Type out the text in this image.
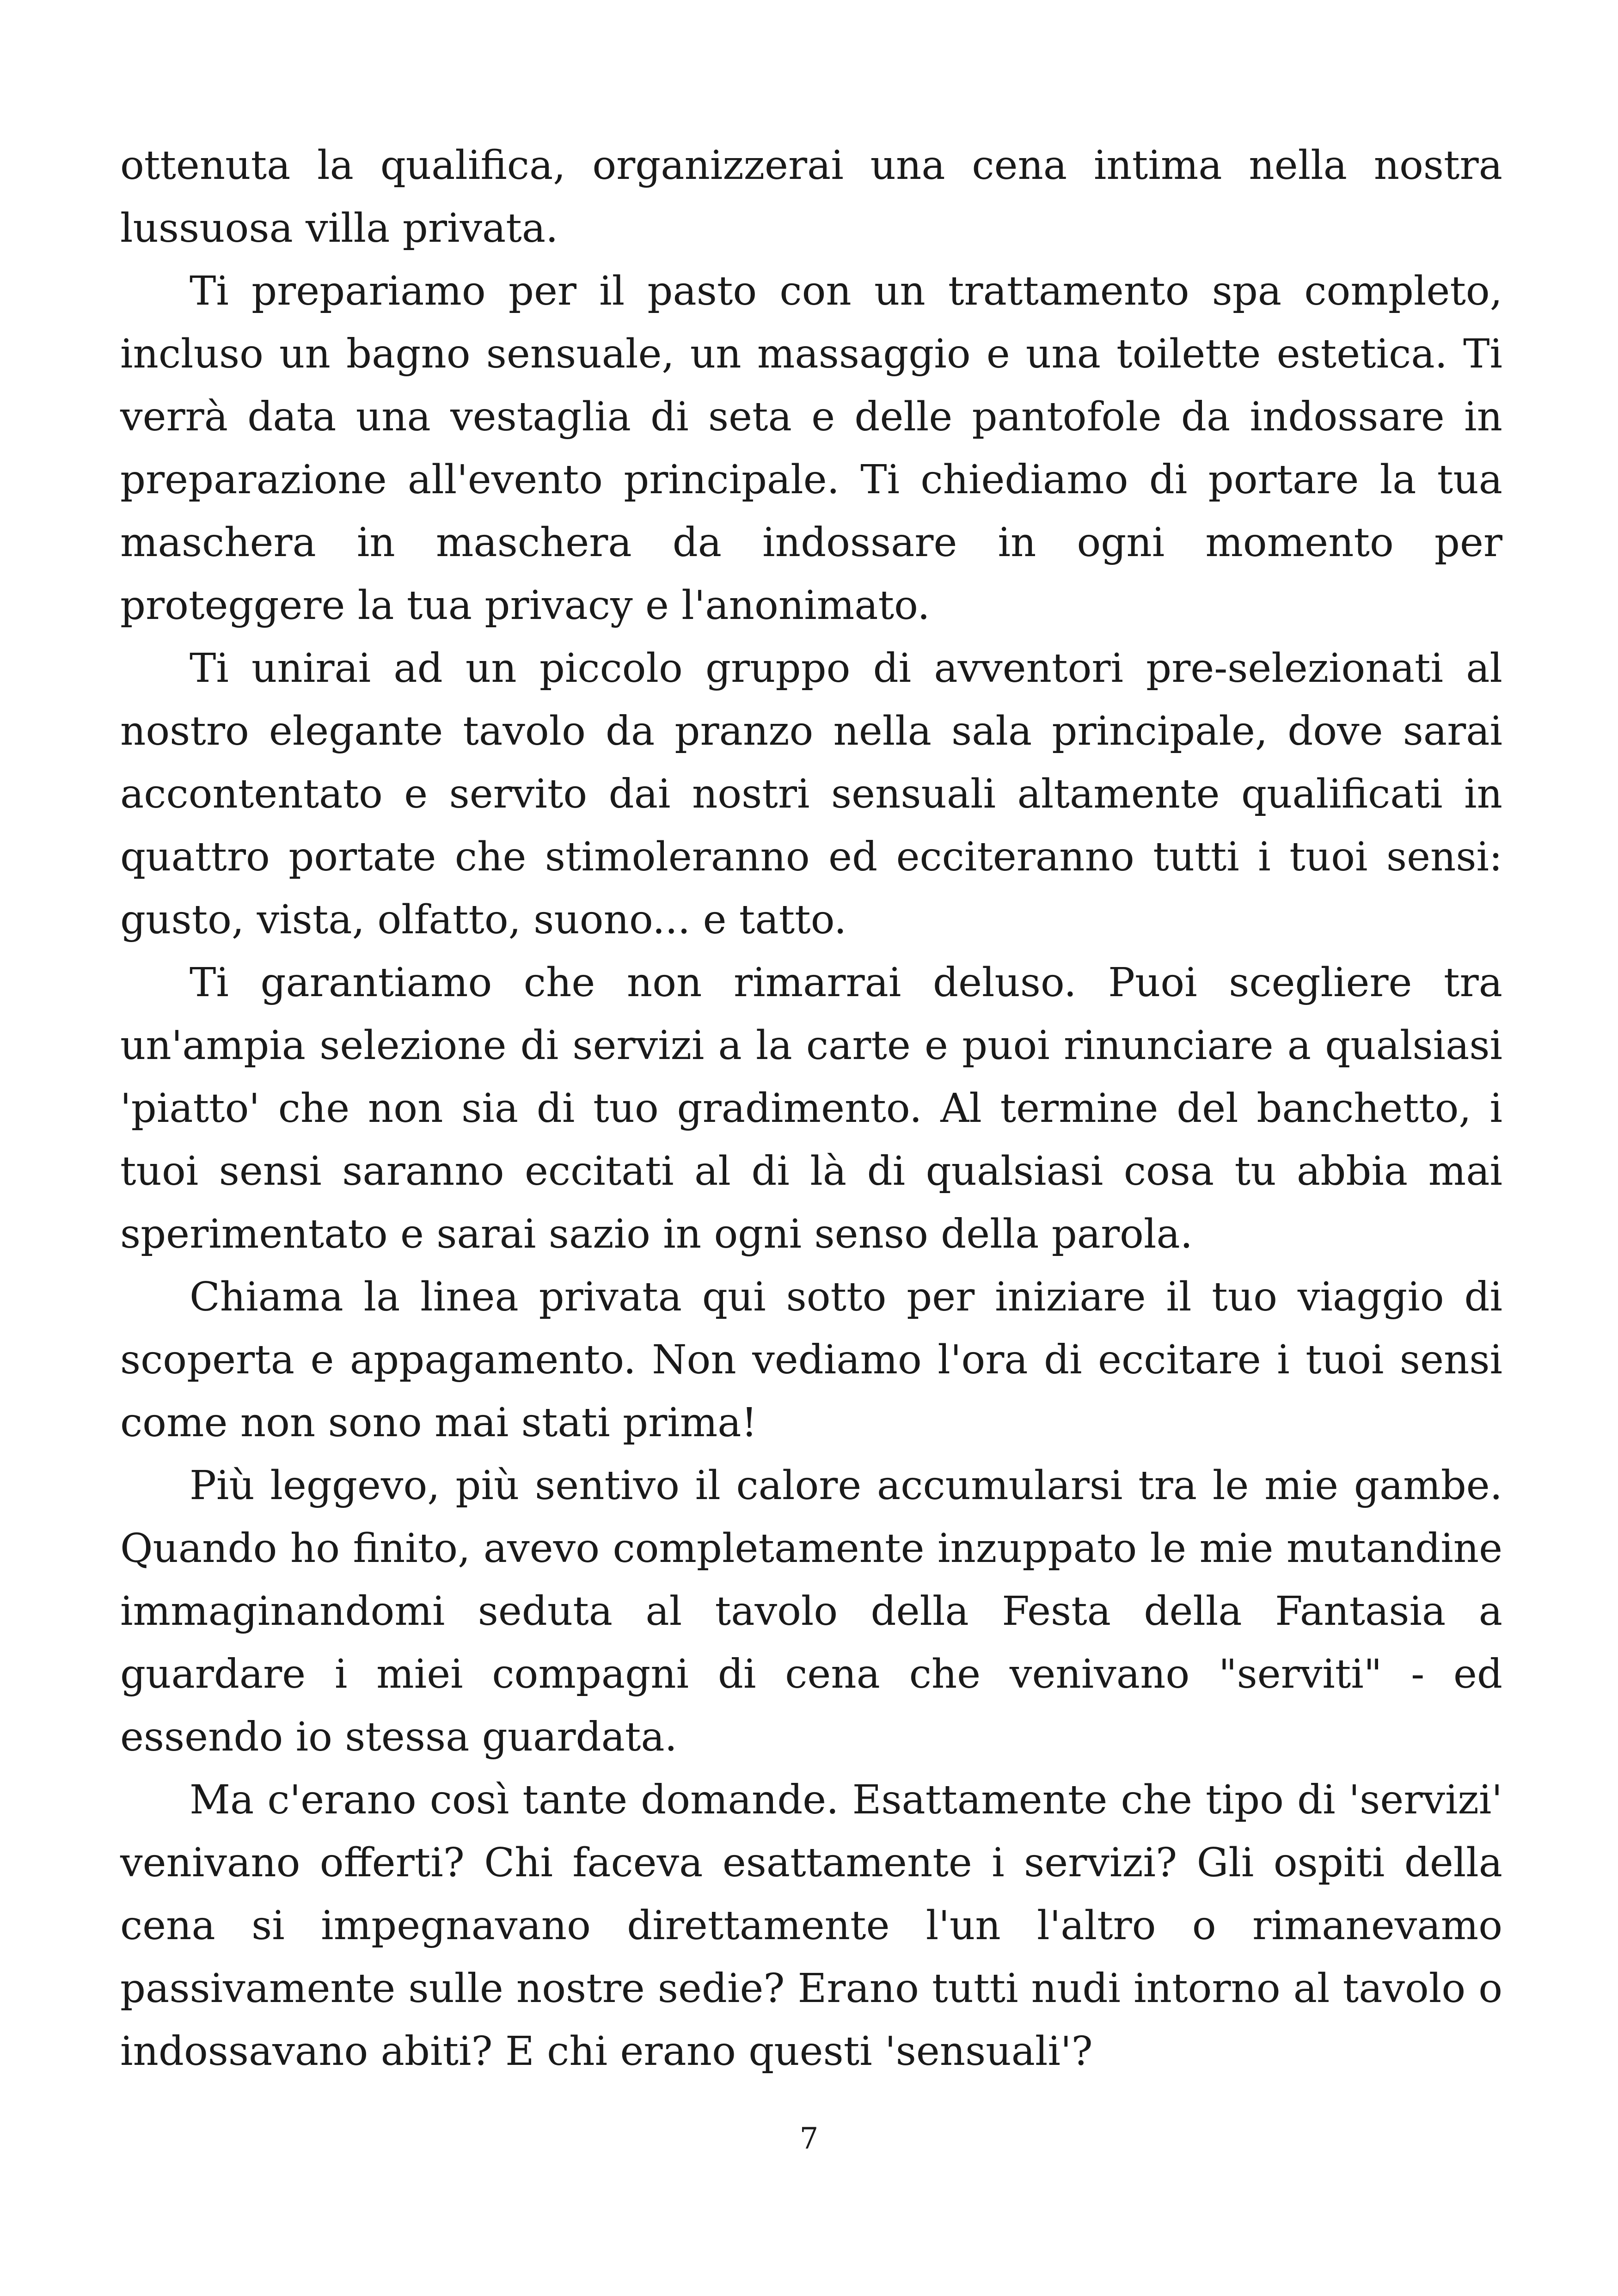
ottenuta la qualifica, organizzerai una cena intima nella nostra lussuosa villa privata.

Ti prepariamo per il pasto con un trattamento spa completo, incluso un bagno sensuale, un massaggio e una toilette estetica. Ti verrà data una vestaglia di seta e delle pantofole da indossare in preparazione all'evento principale. Ti chiediamo di portare la tua maschera in maschera da indossare in ogni momento per proteggere la tua privacy e l'anonimato.

Ti unirai ad un piccolo gruppo di avventori pre-selezionati al nostro elegante tavolo da pranzo nella sala principale, dove sarai accontentato e servito dai nostri sensuali altamente qualificati in quattro portate che stimoleranno ed ecciteranno tutti i tuoi sensi: gusto, vista, olfatto, suono... e tatto.

Ti garantiamo che non rimarrai deluso. Puoi scegliere tra un'ampia selezione di servizi a la carte e puoi rinunciare a qualsiasi 'piatto' che non sia di tuo gradimento. Al termine del banchetto, i tuoi sensi saranno eccitati al di là di qualsiasi cosa tu abbia mai sperimentato e sarai sazio in ogni senso della parola.

Chiama la linea privata qui sotto per iniziare il tuo viaggio di scoperta e appagamento. Non vediamo l'ora di eccitare i tuoi sensi come non sono mai stati prima!

Più leggevo, più sentivo il calore accumularsi tra le mie gambe. Quando ho finito, avevo completamente inzuppato le mie mutandine immaginandomi seduta al tavolo della Festa della Fantasia a guardare i miei compagni di cena che venivano "serviti" - ed essendo io stessa guardata.

Ma c'erano così tante domande. Esattamente che tipo di 'servizi' venivano offerti? Chi faceva esattamente i servizi? Gli ospiti della cena si impegnavano direttamente l'un l'altro o rimanevamo passivamente sulle nostre sedie? Erano tutti nudi intorno al tavolo o indossavano abiti? E chi erano questi 'sensuali'?

7
